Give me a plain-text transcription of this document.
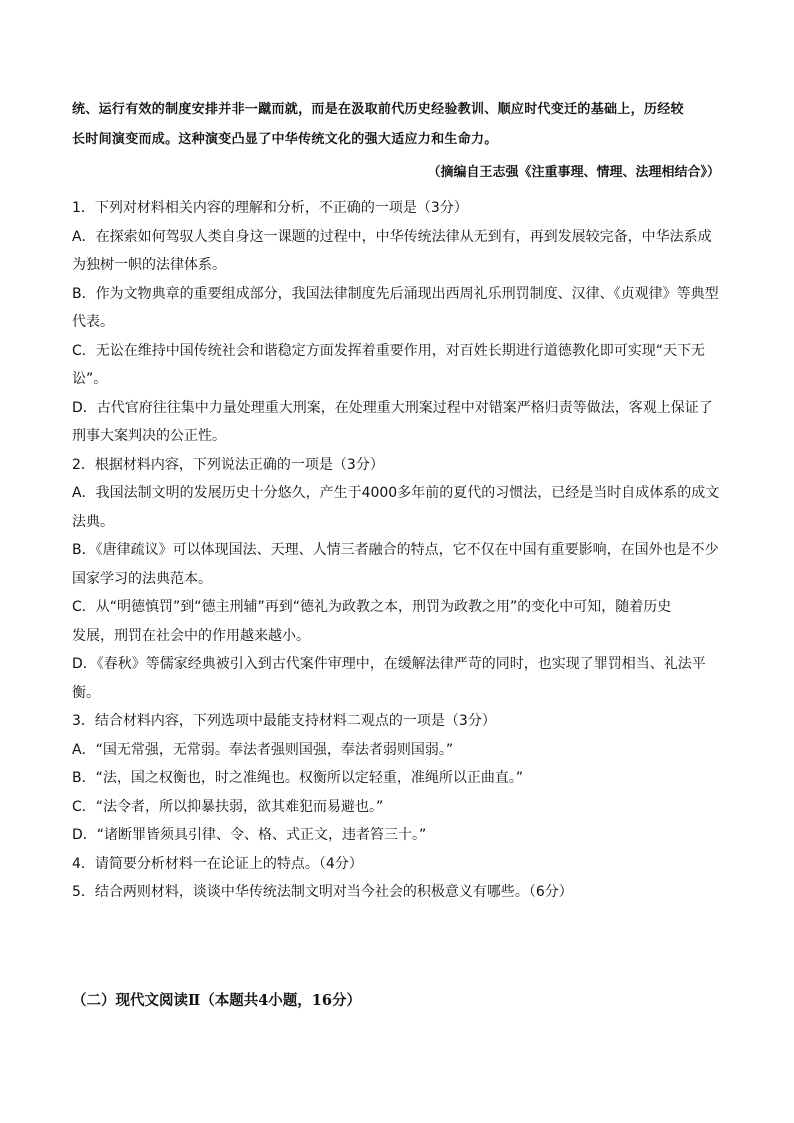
统、运行有效的制度安排并非一蹴而就，而是在汲取前代历史经验教训、顺应时代变迁的基础上，历经较
长时间演变而成。这种演变凸显了中华传统文化的强大适应力和生命力。
（摘编自王志强《注重事理、情理、法理相结合》）

1．下列对材料相关内容的理解和分析，不正确的一项是（3分）

A．在探索如何驾驭人类自身这一课题的过程中，中华传统法律从无到有，再到发展较完备，中华法系成
为独树一帜的法律体系。

B．作为文物典章的重要组成部分，我国法律制度先后涌现出西周礼乐刑罚制度、汉律、《贞观律》等典型
代表。

C．无讼在维持中国传统社会和谐稳定方面发挥着重要作用，对百姓长期进行道德教化即可实现“天下无
讼”。

D．古代官府往往集中力量处理重大刑案，在处理重大刑案过程中对错案严格归责等做法，客观上保证了
刑事大案判决的公正性。

2．根据材料内容，下列说法正确的一项是（3分）

A．我国法制文明的发展历史十分悠久，产生于4000多年前的夏代的习惯法，已经是当时自成体系的成文
法典。

B．《唐律疏议》可以体现国法、天理、人情三者融合的特点，它不仅在中国有重要影响，在国外也是不少
国家学习的法典范本。

C．从“明德慎罚”到“德主刑辅”再到“德礼为政教之本，刑罚为政教之用”的变化中可知，随着历史
发展，刑罚在社会中的作用越来越小。

D．《春秋》等儒家经典被引入到古代案件审理中，在缓解法律严苛的同时，也实现了罪罚相当、礼法平
衡。

3．结合材料内容，下列选项中最能支持材料二观点的一项是（3分）

A．“国无常强，无常弱。奉法者强则国强，奉法者弱则国弱。”

B．“法，国之权衡也，时之准绳也。权衡所以定轻重，准绳所以正曲直。”

C．“法令者，所以抑暴扶弱，欲其难犯而易避也。”

D．“诸断罪皆须具引律、令、格、式正文，违者笞三十。”

4．请简要分析材料一在论证上的特点。（4分）

5．结合两则材料，谈谈中华传统法制文明对当今社会的积极意义有哪些。（6分）

（二）现代文阅读Ⅱ（本题共4小题，16分）
